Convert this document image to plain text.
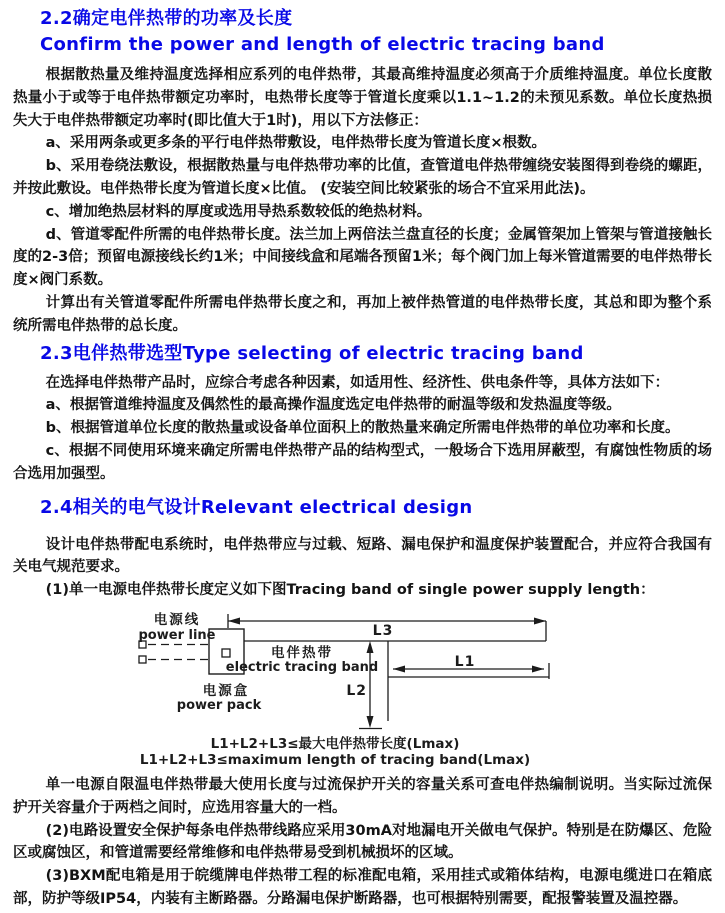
2.2确定电伴热带的功率及长度
Confirm the power and length of electric tracing band
根据散热量及维持温度选择相应系列的电伴热带，其最高维持温度必须高于介质维持温度。单位长度散热量小于或等于电伴热带额定功率时，电热带长度等于管道长度乘以1.1~1.2的未预见系数。单位长度热损失大于电伴热带额定功率时(即比值大于1时)，用以下方法修正：
a、采用两条或更多条的平行电伴热带敷设，电伴热带长度为管道长度×根数。
b、采用卷绕法敷设，根据散热量与电伴热带功率的比值，查管道电伴热带缠绕安装图得到卷绕的螺距，并按此敷设。电伴热带长度为管道长度×比值。 (安装空间比较紧张的场合不宜采用此法)。
c、增加绝热层材料的厚度或选用导热系数较低的绝热材料。
d、管道零配件所需的电伴热带长度。法兰加上两倍法兰盘直径的长度；金属管架加上管架与管道接触长度的2-3倍；预留电源接线长约1米；中间接线盒和尾端各预留1米；每个阀门加上每米管道需要的电伴热带长度×阀门系数。
计算出有关管道零配件所需电伴热带长度之和，再加上被伴热管道的电伴热带长度，其总和即为整个系统所需电伴热带的总长度。
2.3电伴热带选型Type selecting of electric tracing band
在选择电伴热带产品时，应综合考虑各种因素，如适用性、经济性、供电条件等，具体方法如下：
a、根据管道维持温度及偶然性的最高操作温度选定电伴热带的耐温等级和发热温度等级。
b、根据管道单位长度的散热量或设备单位面积上的散热量来确定所需电伴热带的单位功率和长度。
c、根据不同使用环境来确定所需电伴热带产品的结构型式，一般场合下选用屏蔽型，有腐蚀性物质的场合选用加强型。
2.4相关的电气设计Relevant electrical design
设计电伴热带配电系统时，电伴热带应与过载、短路、漏电保护和温度保护装置配合，并应符合我国有关电气规范要求。
(1)单一电源电伴热带长度定义如下图Tracing band of single power supply length：
电源线
power line
电源盒
power pack
电伴热带
electric tracing band
L3
L1
L2
L1+L2+L3≤最大电伴热带长度(Lmax)
L1+L2+L3≤maximum length of tracing band(Lmax)
单一电源自限温电伴热带最大使用长度与过流保护开关的容量关系可查电伴热编制说明。当实际过流保护开关容量介于两档之间时，应选用容量大的一档。
(2)电路设置安全保护每条电伴热带线路应采用30mA对地漏电开关做电气保护。特别是在防爆区、危险区或腐蚀区，和管道需要经常维修和电伴热带易受到机械损坏的区域。
(3)BXM配电箱是用于皖缆牌电伴热带工程的标准配电箱，采用挂式或箱体结构，电源电缆进口在箱底部，防护等级IP54，内装有主断路器。分路漏电保护断路器，也可根据特别需要，配报警装置及温控器。
